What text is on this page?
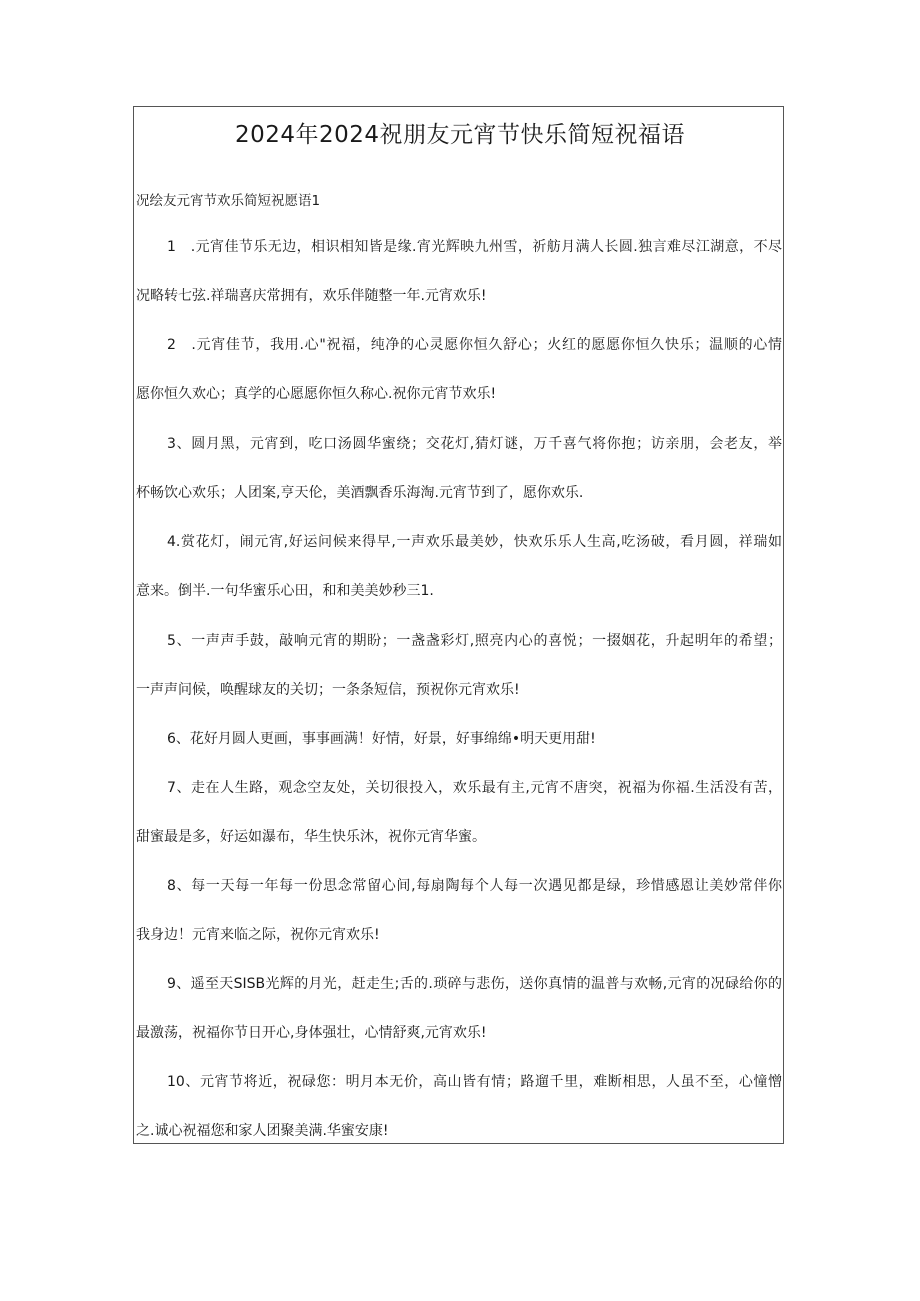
2024年2024祝朋友元宵节快乐简短祝福语

况绘友元宵节欢乐简短祝愿语1

1　.元宵佳节乐无边，相识相知皆是缘.宵光辉映九州雪，祈舫月满人长圆.独言难尽江湖意，不尽

况略转七弦.祥瑞喜庆常拥有，欢乐伴随整一年.元宵欢乐!

2　.元宵佳节，我用.心"祝福，纯净的心灵愿你恒久舒心；火红的愿愿你恒久快乐；温顺的心情

愿你恒久欢心；真学的心愿愿你恒久称心.祝你元宵节欢乐!

3、圆月黑，元宵到，吃口汤圆华蜜绕；交花灯,猜灯谜，万千喜气将你抱；访亲朋，会老友，举

杯畅饮心欢乐；人团案,亨天伦，美酒飘香乐海淘.元宵节到了，愿你欢乐.

4.赏花灯，闹元宵,好运问候来得早,一声欢乐最美妙，快欢乐乐人生高,吃汤破，看月圆，祥瑞如

意来。倒半.一句华蜜乐心田，和和美美妙秒三1.

5、一声声手鼓，敲响元宵的期盼；一盏盏彩灯,照亮内心的喜悦；一掇姻花，升起明年的希望；

一声声问候，唤醒球友的关切；一条条短信，预祝你元宵欢乐!

6、花好月圆人更画，事事画满！好情，好景，好事绵绵•明天更用甜!

7、走在人生路，观念空友处，关切很投入，欢乐最有主,元宵不唐突，祝福为你福.生活没有苦，

甜蜜最是多，好运如瀑布，华生快乐沐，祝你元宵华蜜。

8、每一天每一年每一份思念常留心间,每扇陶每个人每一次遇见都是绿，珍惜感恩让美妙常伴你

我身边！元宵来临之际，祝你元宵欢乐!

9、遥至天SISB光辉的月光，赶走生;舌的.琐碎与悲伤，送你真情的温普与欢畅,元宵的况碌给你的

最激荡，祝福你节日开心,身体强壮，心情舒爽,元宵欢乐!

10、元宵节将近，祝碌您：明月本无价，高山皆有情；路遛千里，难断相思，人虽不至，心憧憎

之.诚心祝福您和家人团聚美满.华蜜安康!
